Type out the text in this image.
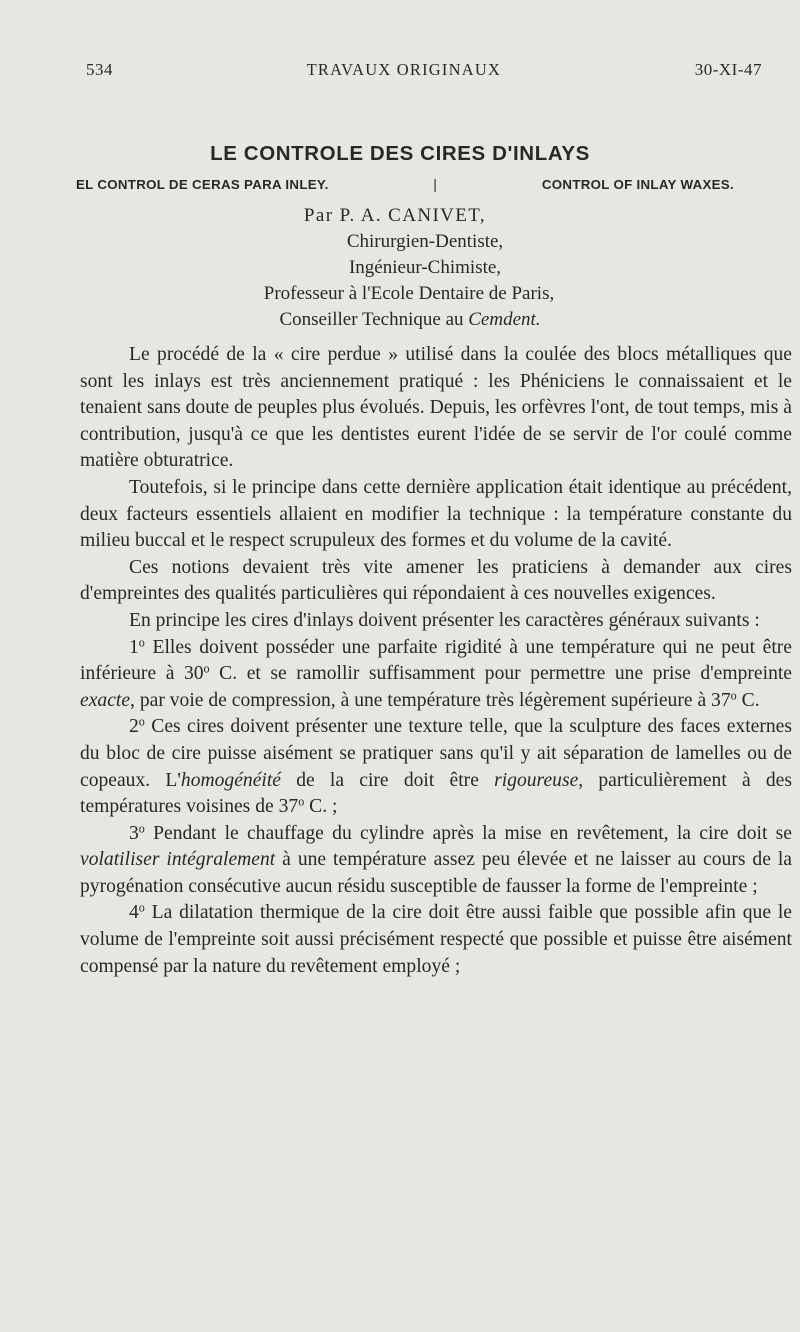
534	TRAVAUX ORIGINAUX	30-XI-47
LE CONTROLE DES CIRES D'INLAYS
EL CONTROL DE CERAS PARA INLEY.	|	CONTROL OF INLAY WAXES.
Par P. A. CANIVET,
Chirurgien-Dentiste,
Ingénieur-Chimiste,
Professeur à l'Ecole Dentaire de Paris,
Conseiller Technique au Cemdent.

Le procédé de la « cire perdue » utilisé dans la coulée des blocs métalliques que sont les inlays est très anciennement pratiqué : les Phéniciens le connaissaient et le tenaient sans doute de peuples plus évolués. Depuis, les orfèvres l'ont, de tout temps, mis à contribution, jusqu'à ce que les dentistes eurent l'idée de se servir de l'or coulé comme matière obturatrice.

Toutefois, si le principe dans cette dernière application était identique au précédent, deux facteurs essentiels allaient en modifier la technique : la température constante du milieu buccal et le respect scrupuleux des formes et du volume de la cavité.

Ces notions devaient très vite amener les praticiens à demander aux cires d'empreintes des qualités particulières qui répondaient à ces nouvelles exigences.

En principe les cires d'inlays doivent présenter les caractères généraux suivants :

1$^o$ Elles doivent posséder une parfaite rigidité à une température qui ne peut être inférieure à 30$^o$ C. et se ramollir suffisamment pour permettre une prise d'empreinte exacte, par voie de compression, à une température très légèrement supérieure à 37$^o$ C.

2$^o$ Ces cires doivent présenter une texture telle, que la sculpture des faces externes du bloc de cire puisse aisément se pratiquer sans qu'il y ait séparation de lamelles ou de copeaux. L'homogénéité de la cire doit être rigoureuse, particulièrement à des températures voisines de 37$^o$ C. ;

3$^o$ Pendant le chauffage du cylindre après la mise en revêtement, la cire doit se volatiliser intégralement à une température assez peu élevée et ne laisser au cours de la pyrogénation consécutive aucun résidu susceptible de fausser la forme de l'empreinte ;

4$^o$ La dilatation thermique de la cire doit être aussi faible que possible afin que le volume de l'empreinte soit aussi précisément respecté que possible et puisse être aisément compensé par la nature du revêtement employé ;
